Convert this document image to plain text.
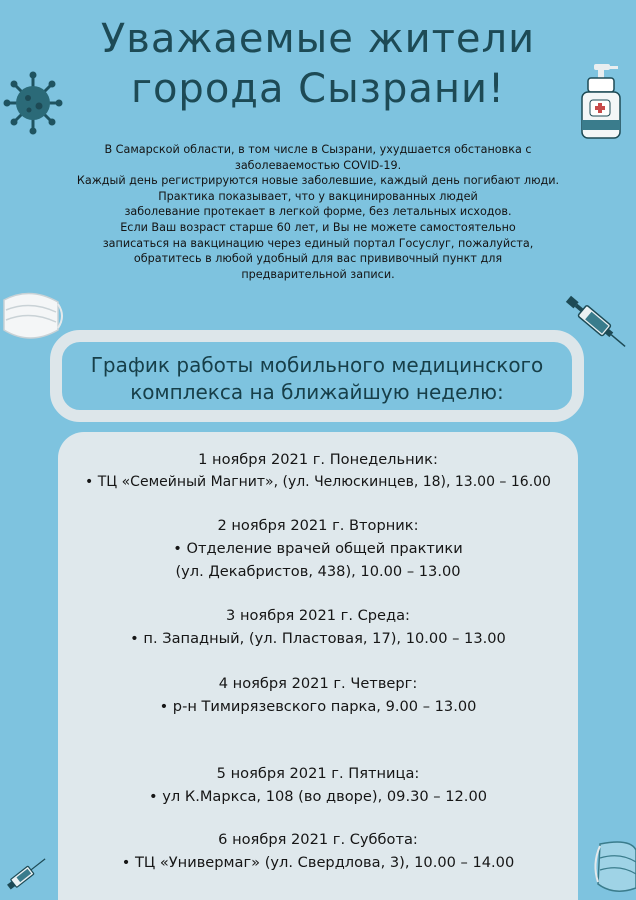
Уважаемые жители
города Сызрани!
В Самарской области, в том числе в Сызрани, ухудшается обстановка с
заболеваемостью COVID-19.
Каждый день регистрируются новые заболевшие, каждый день погибают люди.
Практика показывает, что у вакцинированных людей
заболевание протекает в легкой форме, без летальных исходов.
Если Ваш возраст старше 60 лет, и Вы не можете самостоятельно
записаться на вакцинацию через единый портал Госуслуг, пожалуйста,
обратитесь в любой удобный для вас прививочный пункт для
предварительной записи.
График работы мобильного медицинского
комплекса на ближайшую неделю:
1 ноября 2021 г. Понедельник:
• ТЦ «Семейный Магнит», (ул. Челюскинцев, 18), 13.00 – 16.00
2 ноября 2021 г. Вторник:
• Отделение врачей общей практики
(ул. Декабристов, 438), 10.00 – 13.00
3 ноября 2021 г. Среда:
• п. Западный, (ул. Пластовая, 17), 10.00 – 13.00
4 ноября 2021 г. Четверг:
• р-н Тимирязевского парка, 9.00 – 13.00
5 ноября 2021 г. Пятница:
• ул К.Маркса, 108 (во дворе), 09.30 – 12.00
6 ноября 2021 г. Суббота:
• ТЦ «Универмаг» (ул. Свердлова, 3), 10.00 – 14.00
